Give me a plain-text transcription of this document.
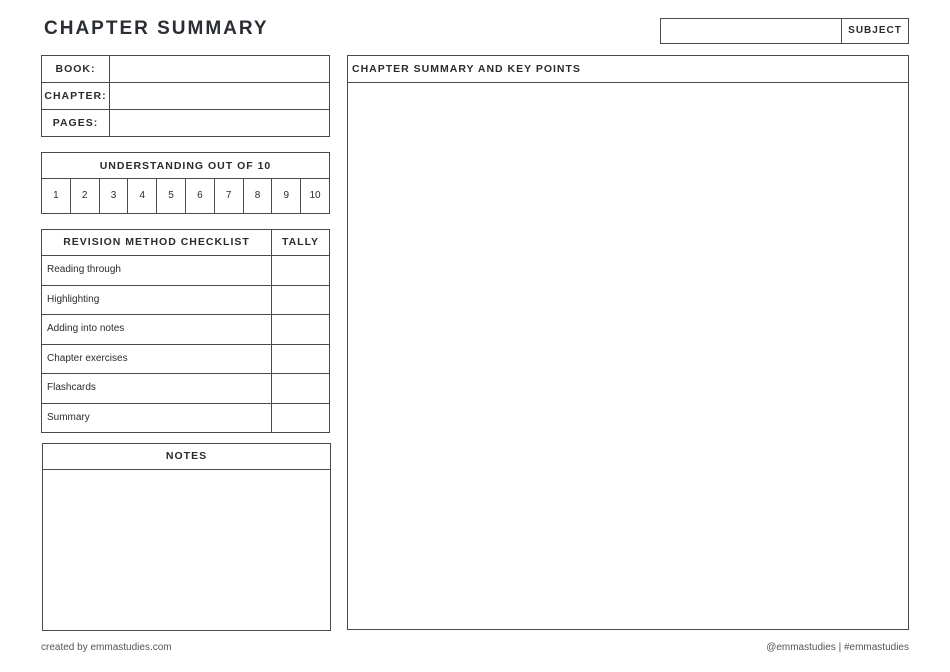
CHAPTER SUMMARY	SUBJECT
BOOK:
CHAPTER:
PAGES:
UNDERSTANDING OUT OF 10
1	2	3	4	5	6	7	8	9	10
REVISION METHOD CHECKLIST	TALLY
Reading through
Highlighting
Adding into notes
Chapter exercises
Flashcards
Summary
NOTES
CHAPTER SUMMARY AND KEY POINTS
created by emmastudies.com	@emmastudies | #emmastudies
